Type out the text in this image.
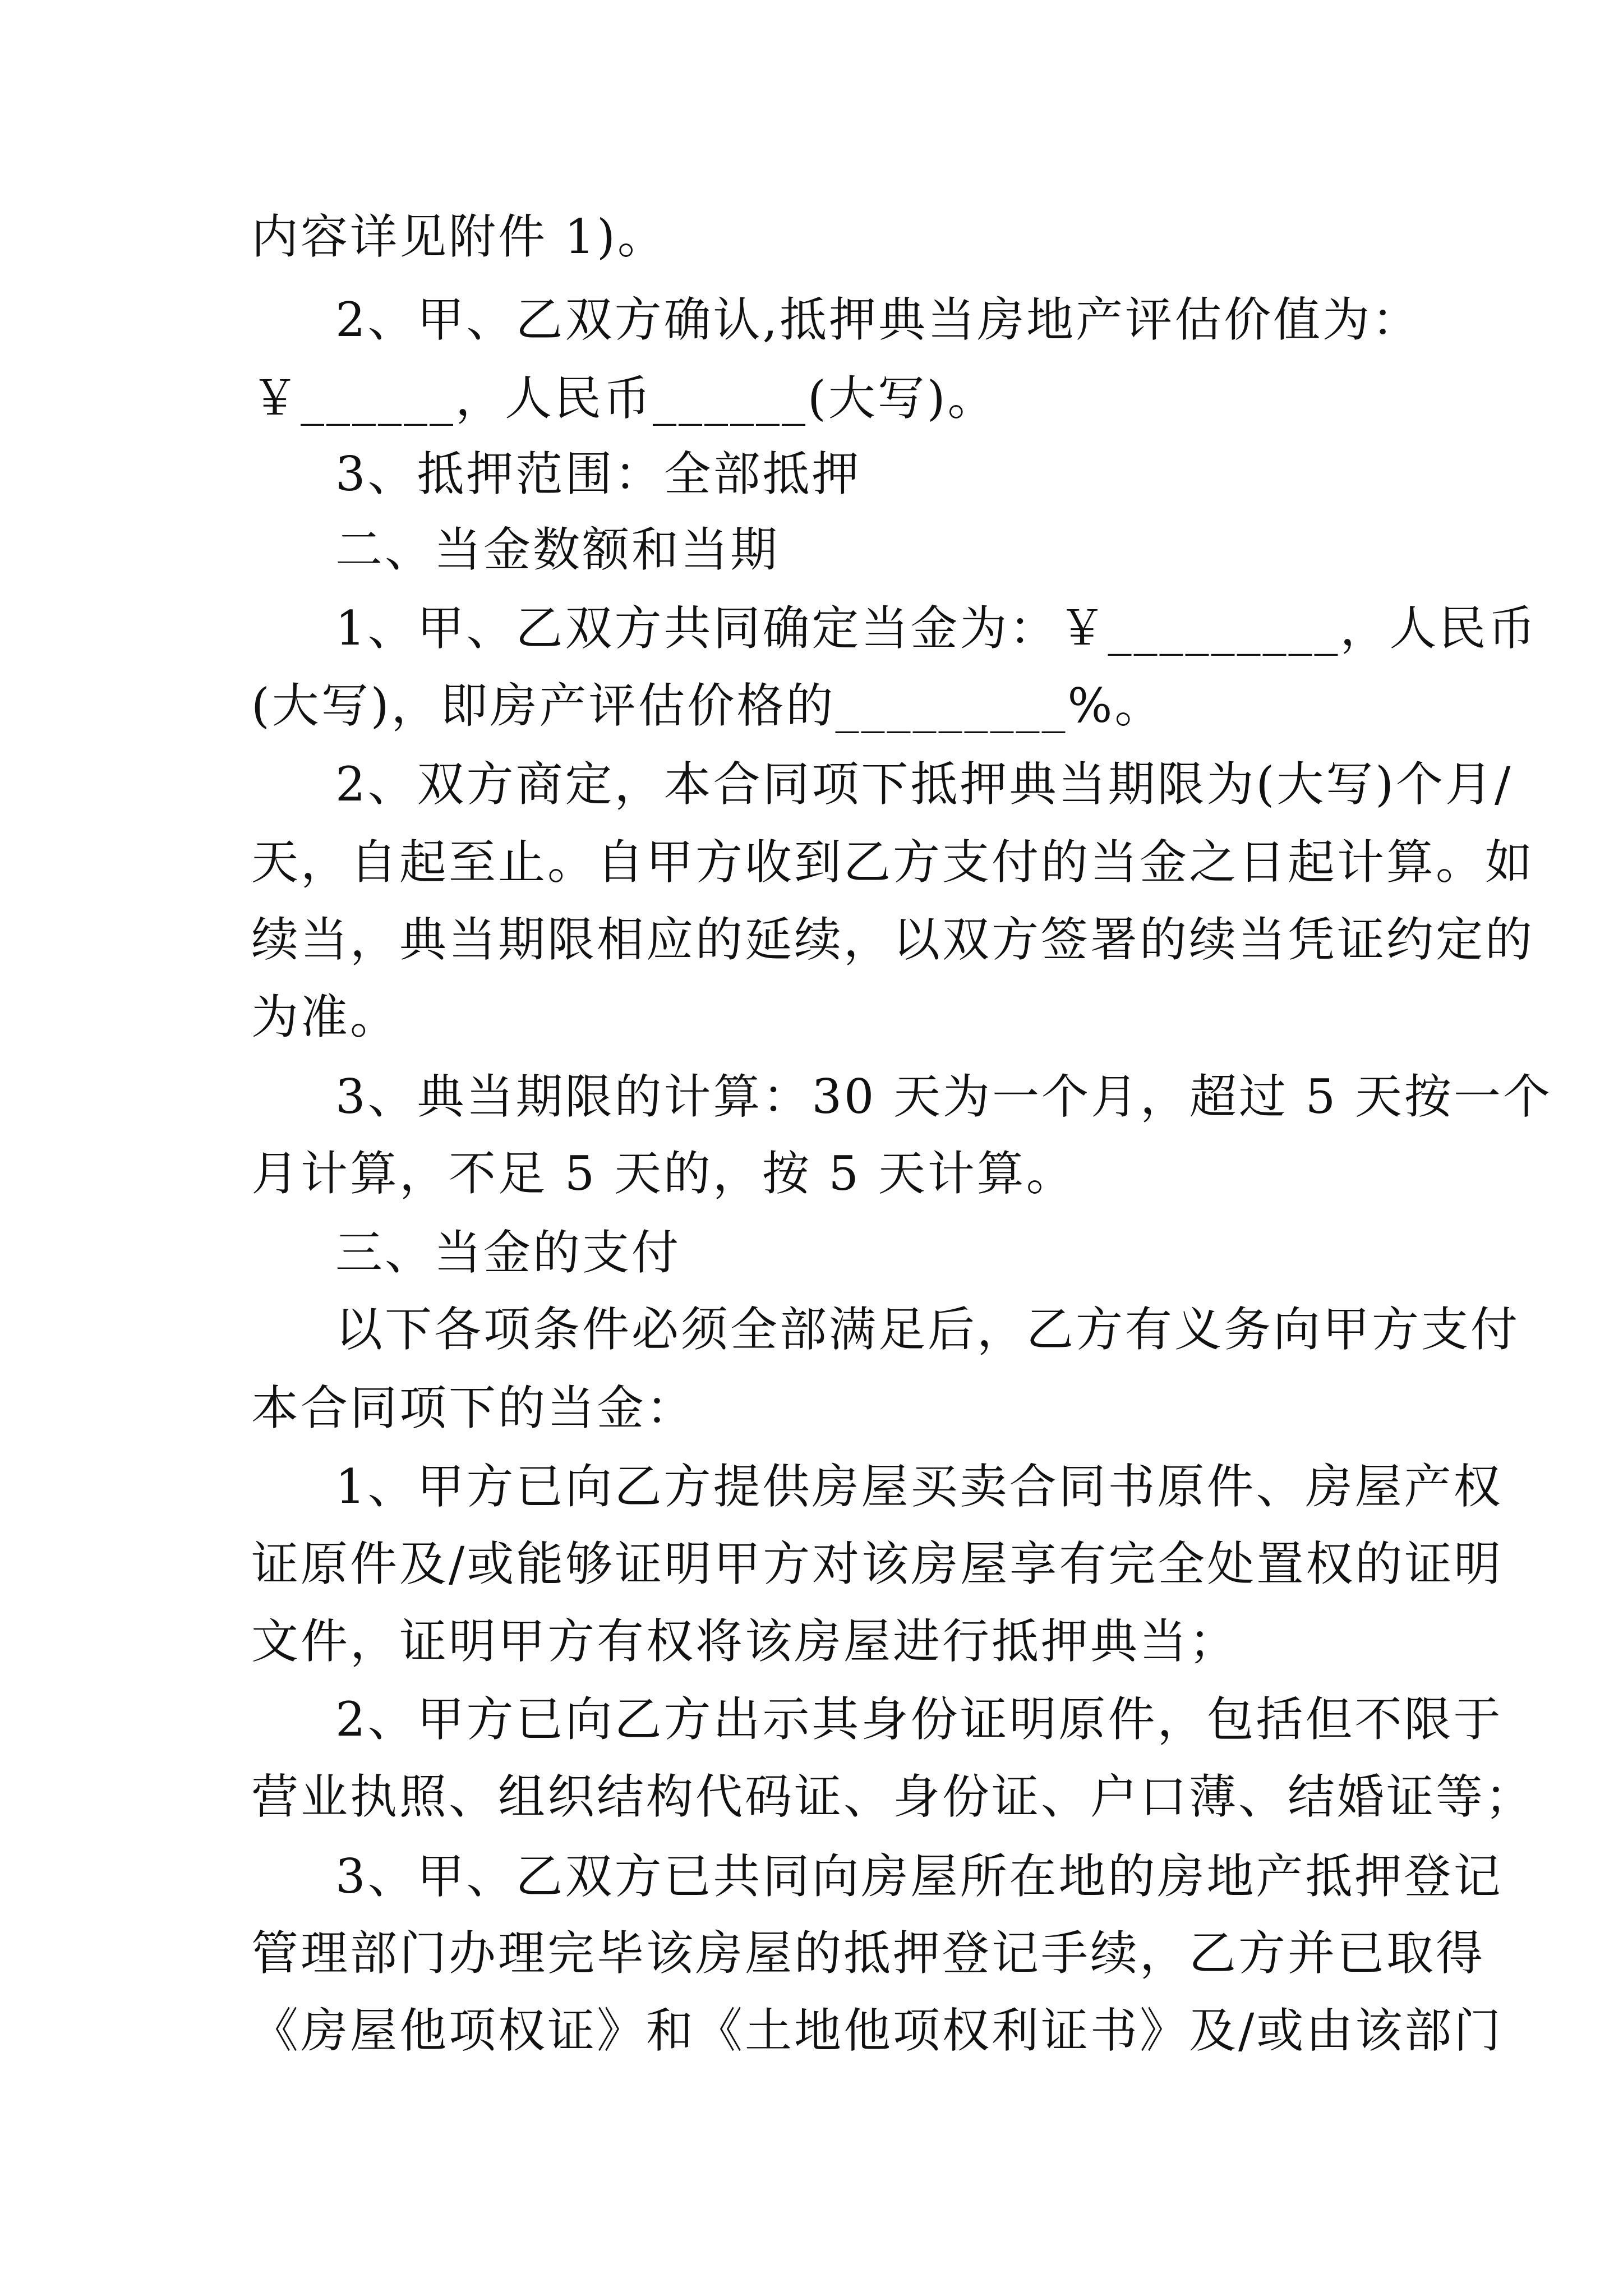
内容详见附件 1)。
2、甲、乙双方确认,抵押典当房地产评估价值为：
￥______，人民币______(大写)。
3、抵押范围：全部抵押
二、当金数额和当期
1、甲、乙双方共同确定当金为：￥_________，人民币
(大写)，即房产评估价格的_________%。
2、双方商定，本合同项下抵押典当期限为(大写)个月/
天，自起至止。自甲方收到乙方支付的当金之日起计算。如
续当，典当期限相应的延续，以双方签署的续当凭证约定的
为准。
3、典当期限的计算：30 天为一个月，超过 5 天按一个
月计算，不足 5 天的，按 5 天计算。
三、当金的支付
以下各项条件必须全部满足后，乙方有义务向甲方支付
本合同项下的当金：
1、甲方已向乙方提供房屋买卖合同书原件、房屋产权
证原件及/或能够证明甲方对该房屋享有完全处置权的证明
文件，证明甲方有权将该房屋进行抵押典当；
2、甲方已向乙方出示其身份证明原件，包括但不限于
营业执照、组织结构代码证、身份证、户口薄、结婚证等；
3、甲、乙双方已共同向房屋所在地的房地产抵押登记
管理部门办理完毕该房屋的抵押登记手续，乙方并已取得
《房屋他项权证》和《土地他项权利证书》及/或由该部门
